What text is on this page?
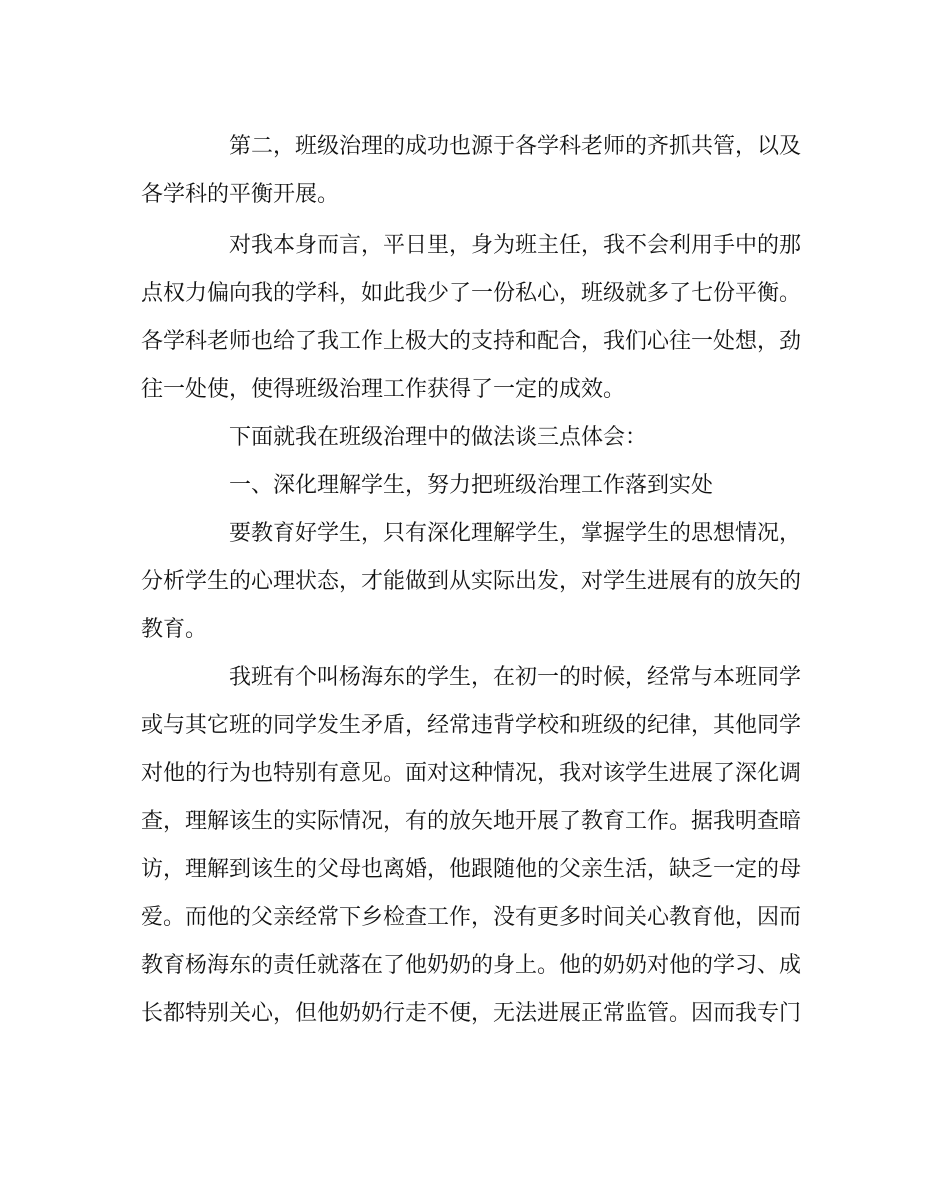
第二，班级治理的成功也源于各学科老师的齐抓共管，以及
各学科的平衡开展。
对我本身而言，平日里，身为班主任，我不会利用手中的那
点权力偏向我的学科，如此我少了一份私心，班级就多了七份平衡。
各学科老师也给了我工作上极大的支持和配合，我们心往一处想，劲
往一处使，使得班级治理工作获得了一定的成效。
下面就我在班级治理中的做法谈三点体会：
一、深化理解学生，努力把班级治理工作落到实处
要教育好学生，只有深化理解学生，掌握学生的思想情况，
分析学生的心理状态，才能做到从实际出发，对学生进展有的放矢的
教育。
我班有个叫杨海东的学生，在初一的时候，经常与本班同学
或与其它班的同学发生矛盾，经常违背学校和班级的纪律，其他同学
对他的行为也特别有意见。面对这种情况，我对该学生进展了深化调
查，理解该生的实际情况，有的放矢地开展了教育工作。据我明查暗
访，理解到该生的父母也离婚，他跟随他的父亲生活，缺乏一定的母
爱。而他的父亲经常下乡检查工作，没有更多时间关心教育他，因而
教育杨海东的责任就落在了他奶奶的身上。他的奶奶对他的学习、成
长都特别关心，但他奶奶行走不便，无法进展正常监管。因而我专门
